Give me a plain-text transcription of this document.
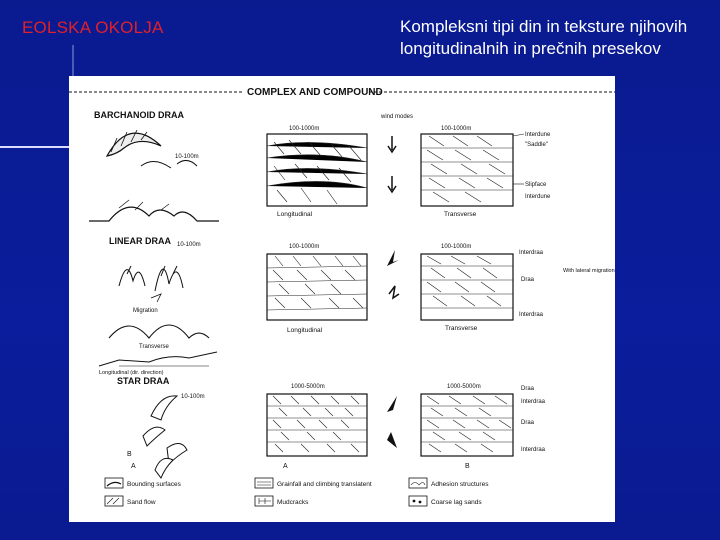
EOLSKA OKOLJA	Kompleksni tipi din in teksture njihovih longitudinalnih in prečnih presekov
COMPLEX AND COMPOUND
wind modes
BARCHANOID DRAA
10-100m
100-1000m
Longitudinal
100-1000m
Transverse
Interdune
"Saddle"
Slipface
Interdune
LINEAR DRAA 10-100m
Migration
Transverse
Longitudinal (dir. direction)
100-1000m
Longitudinal
100-1000m
Transverse
Interdraa
Draa
Interdraa
With lateral migration
STAR DRAA
10-100m
B
A
1000-5000m
A
1000-5000m
B
Draa
Interdraa
Draa
Interdraa
Bounding surfaces	Grainfall and climbing translatent	Adhesion structures
Sand flow	Mudcracks	Coarse lag sands
